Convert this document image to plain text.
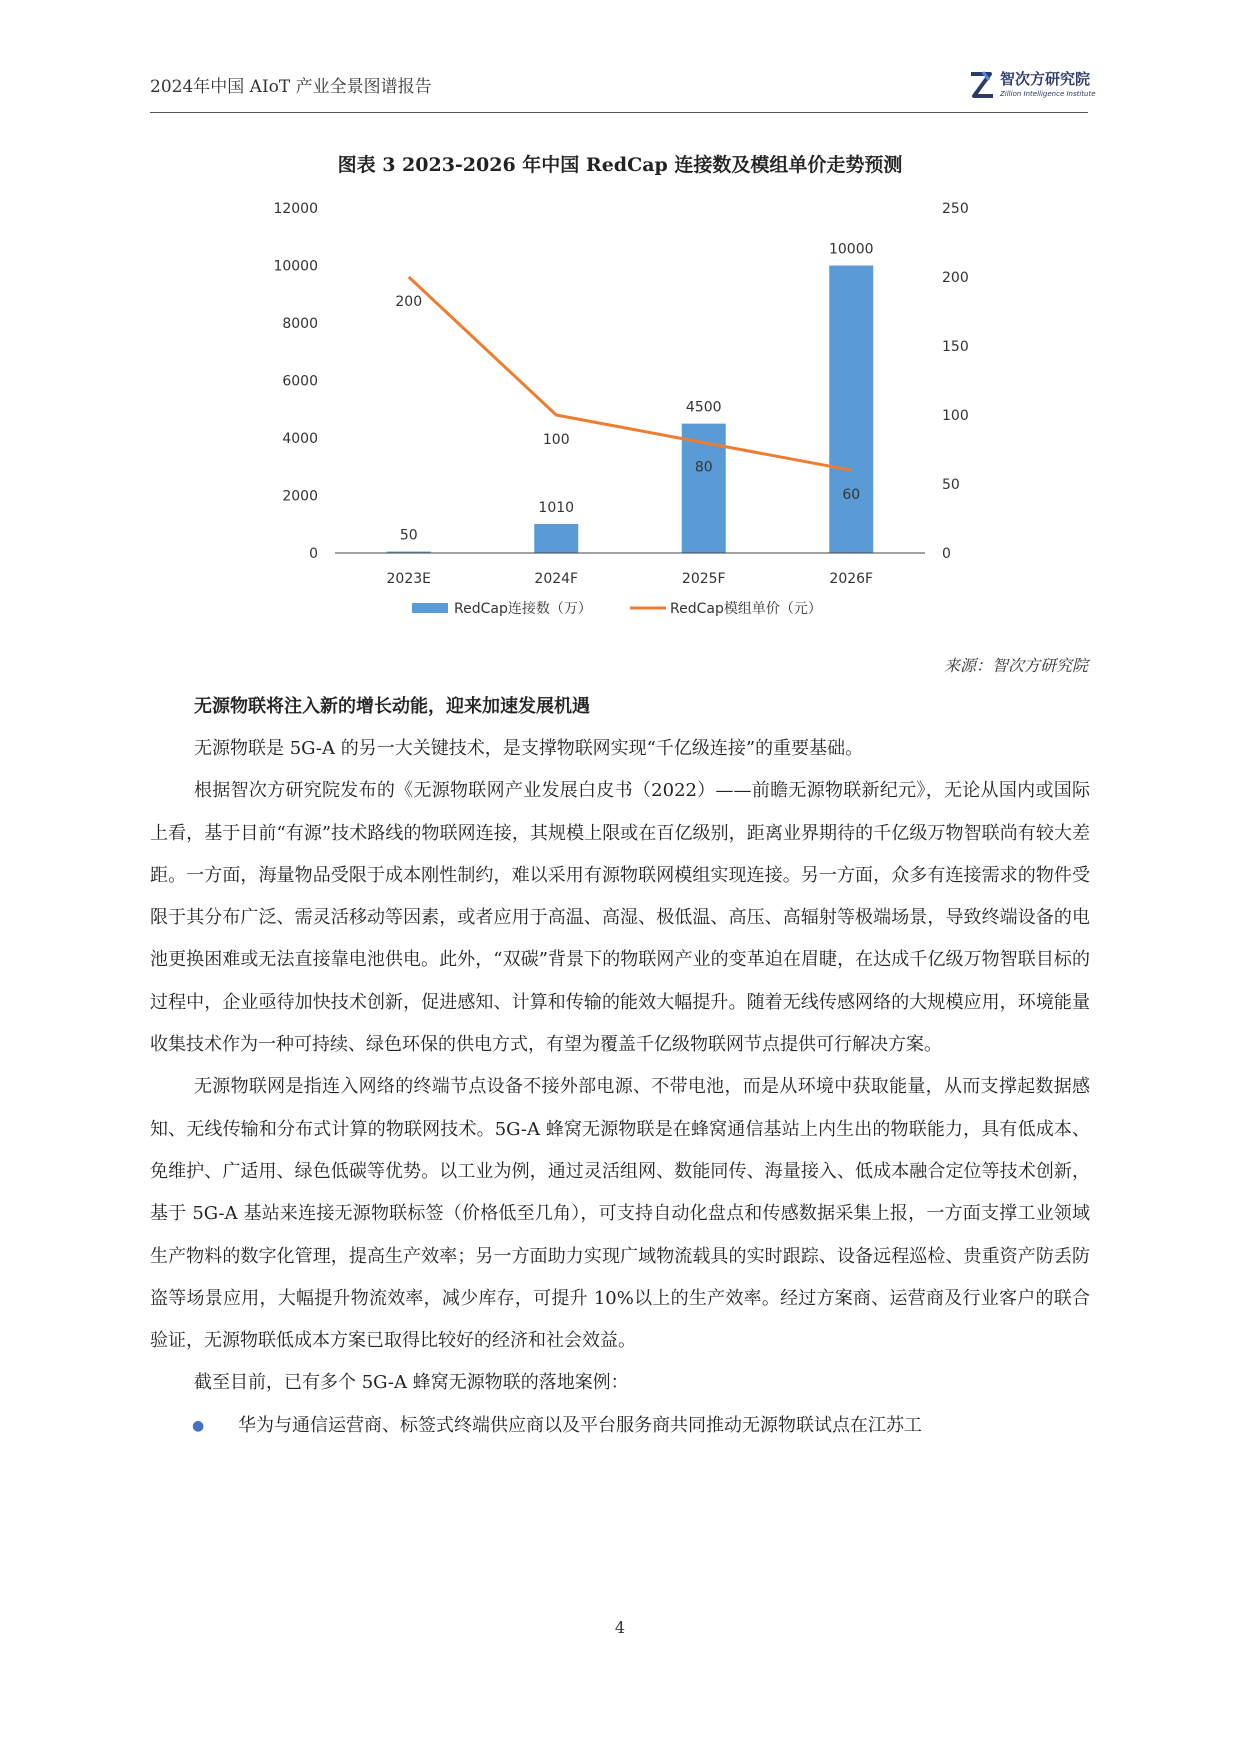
2024年中国 AIoT 产业全景图谱报告	智次方研究院
Zillion Intelligence Institute
图表 3 2023-2026 年中国 RedCap 连接数及模组单价走势预测
0
2000
4000
6000
8000
10000
12000
0
50
100
150
200
250
50
1010
4500
10000
2023E	2024F	2025F	2026F
200
100
80
60
RedCap连接数（万）	RedCap模组单价（元）
来源：智次方研究院

无源物联将注入新的增长动能，迎来加速发展机遇

无源物联是 5G-A 的另一大关键技术，是支撑物联网实现“千亿级连接”的重要基础。

根据智次方研究院发布的《无源物联网产业发展白皮书（2022）——前瞻无源物联新纪元》，无论从国内或国际上看，基于目前“有源”技术路线的物联网连接，其规模上限或在百亿级别，距离业界期待的千亿级万物智联尚有较大差距。一方面，海量物品受限于成本刚性制约，难以采用有源物联网模组实现连接。另一方面，众多有连接需求的物件受限于其分布广泛、需灵活移动等因素，或者应用于高温、高湿、极低温、高压、高辐射等极端场景，导致终端设备的电池更换困难或无法直接靠电池供电。此外，“双碳”背景下的物联网产业的变革迫在眉睫，在达成千亿级万物智联目标的过程中，企业亟待加快技术创新，促进感知、计算和传输的能效大幅提升。随着无线传感网络的大规模应用，环境能量收集技术作为一种可持续、绿色环保的供电方式，有望为覆盖千亿级物联网节点提供可行解决方案。

无源物联网是指连入网络的终端节点设备不接外部电源、不带电池，而是从环境中获取能量，从而支撑起数据感知、无线传输和分布式计算的物联网技术。5G-A 蜂窝无源物联是在蜂窝通信基站上内生出的物联能力，具有低成本、免维护、广适用、绿色低碳等优势。以工业为例，通过灵活组网、数能同传、海量接入、低成本融合定位等技术创新，基于 5G-A 基站来连接无源物联标签（价格低至几角），可支持自动化盘点和传感数据采集上报，一方面支撑工业领域生产物料的数字化管理，提高生产效率；另一方面助力实现广域物流载具的实时跟踪、设备远程巡检、贵重资产防丢防盗等场景应用，大幅提升物流效率，减少库存，可提升 10%以上的生产效率。经过方案商、运营商及行业客户的联合验证，无源物联低成本方案已取得比较好的经济和社会效益。

截至目前，已有多个 5G-A 蜂窝无源物联的落地案例：

● 华为与通信运营商、标签式终端供应商以及平台服务商共同推动无源物联试点在江苏工

4
